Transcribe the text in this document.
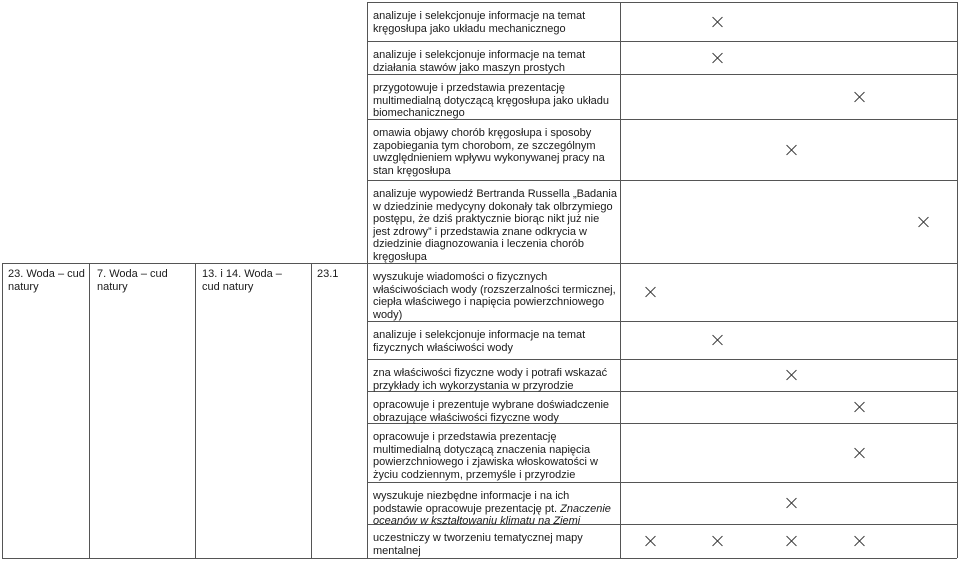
23. Woda – cud natury
7. Woda – cud natury
13. i 14. Woda – cud natury
23.1
analizuje i selekcjonuje informacje na temat kręgosłupa jako układu mechanicznego
analizuje i selekcjonuje informacje na temat działania stawów jako maszyn prostych
przygotowuje i przedstawia prezentację multimedialną dotyczącą kręgosłupa jako układu biomechanicznego
omawia objawy chorób kręgosłupa i sposoby zapobiegania tym chorobom, ze szczególnym uwzględnieniem wpływu wykonywanej pracy na stan kręgosłupa
analizuje wypowiedź Bertranda Russella „Badania w dziedzinie medycyny dokonały tak olbrzymiego postępu, że dziś praktycznie biorąc nikt już nie jest zdrowy” i przedstawia znane odkrycia w dziedzinie diagnozowania i leczenia chorób kręgosłupa
wyszukuje wiadomości o fizycznych właściwościach wody (rozszerzalności termicznej, ciepła właściwego i napięcia powierzchniowego wody)
analizuje i selekcjonuje informacje na temat fizycznych właściwości wody
zna właściwości fizyczne wody i potrafi wskazać przykłady ich wykorzystania w przyrodzie
opracowuje i prezentuje wybrane doświadczenie obrazujące właściwości fizyczne wody
opracowuje i przedstawia prezentację multimedialną dotyczącą znaczenia napięcia powierzchniowego i zjawiska włoskowatości w życiu codziennym, przemyśle i przyrodzie
wyszukuje niezbędne informacje i na ich podstawie opracowuje prezentację pt. Znaczenie oceanów w kształtowaniu klimatu na Ziemi
uczestniczy w tworzeniu tematycznej mapy mentalnej
